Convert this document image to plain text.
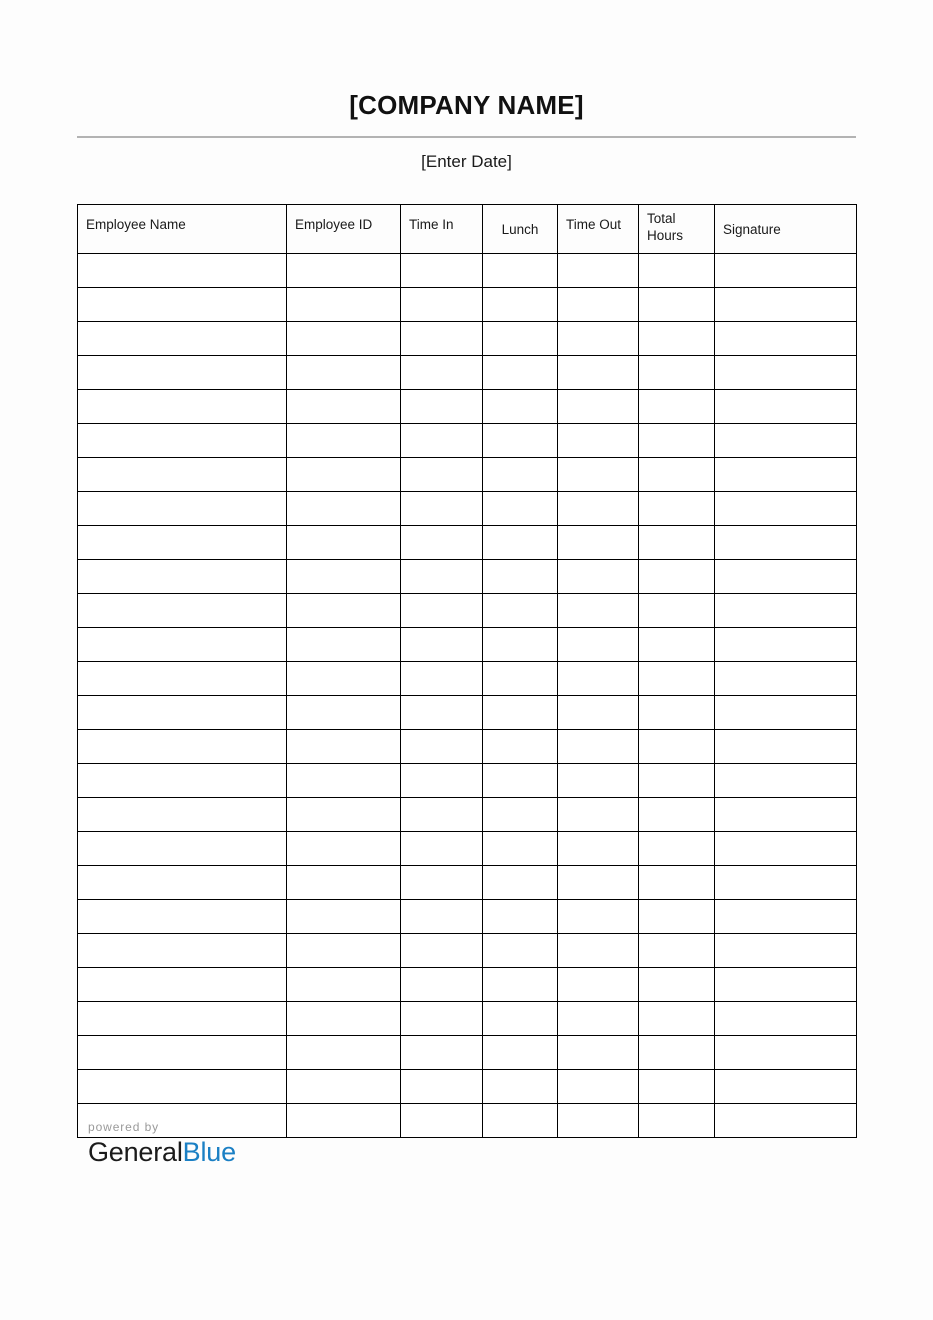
[COMPANY NAME]
[Enter Date]
Employee Name	Employee ID	Time In	Lunch	Time Out	Total Hours	Signature

powered by
GeneralBlue
